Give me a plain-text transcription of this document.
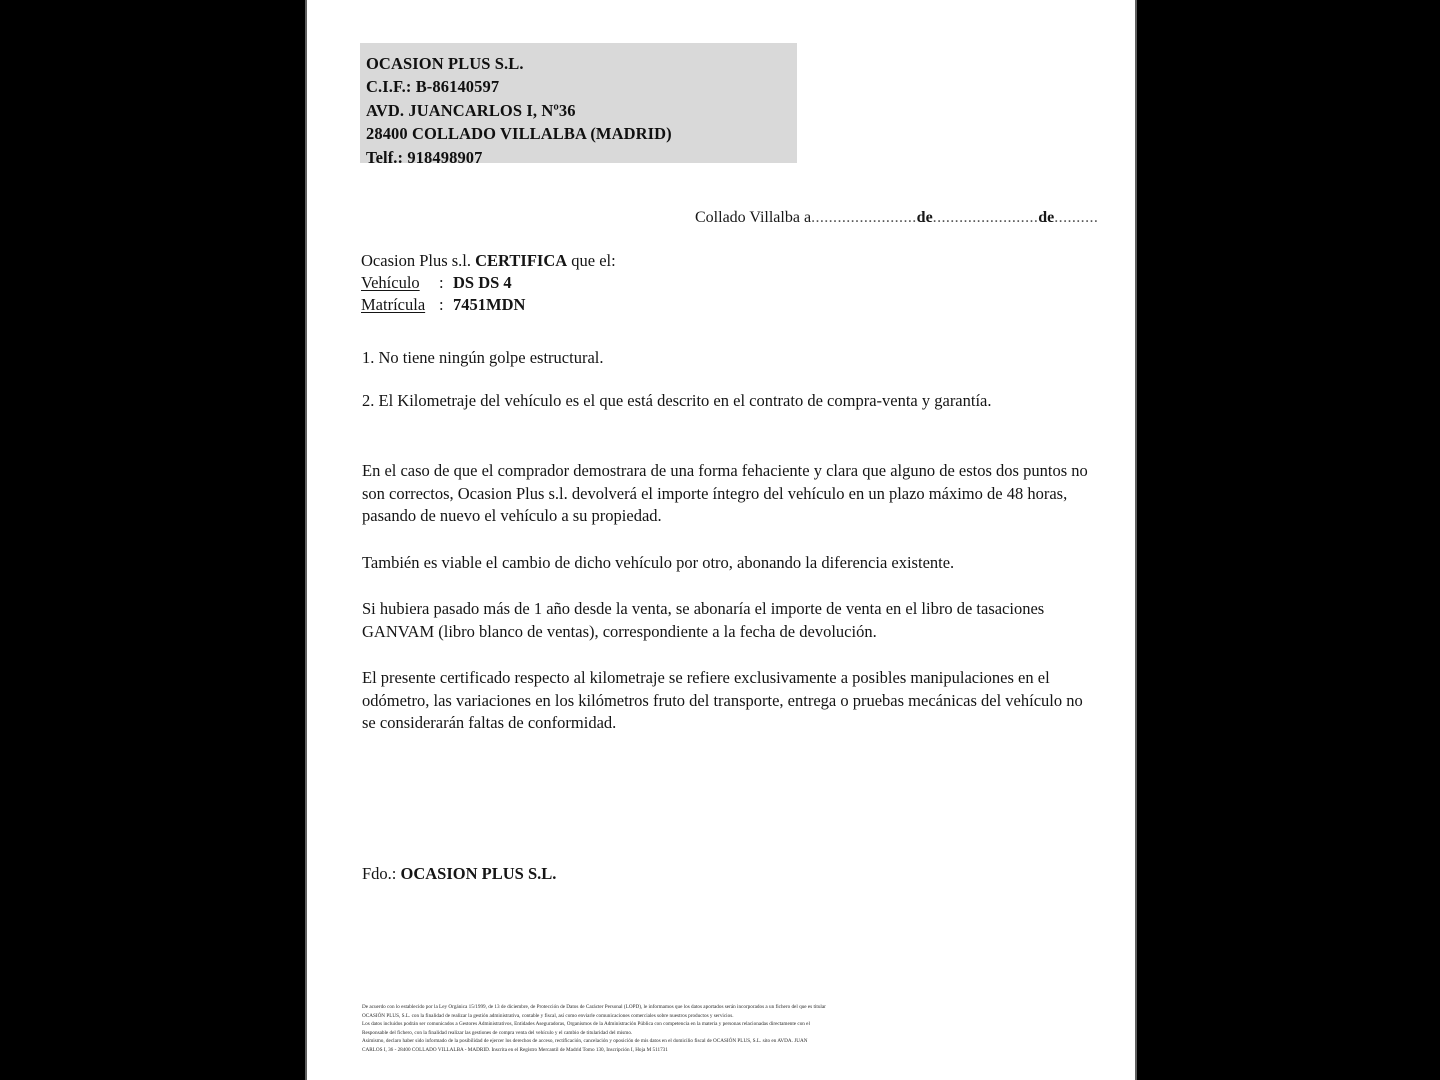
OCASION PLUS S.L.
C.I.F.: B-86140597
AVD. JUANCARLOS I, Nº36
28400 COLLADO VILLALBA (MADRID)
Telf.: 918498907
Collado Villalba a........................de........................de..........
Ocasion Plus s.l. CERTIFICA que el:
Vehículo	: DS DS 4
Matrícula : 7451MDN
1. No tiene ningún golpe estructural.
2. El Kilometraje del vehículo es el que está descrito en el contrato de compra-venta y garantía.

En el caso de que el comprador demostrara de una forma fehaciente y clara que alguno de estos dos puntos no son correctos, Ocasion Plus s.l. devolverá el importe íntegro del vehículo en un plazo máximo de 48 horas, pasando de nuevo el vehículo a su propiedad.

También es viable el cambio de dicho vehículo por otro, abonando la diferencia existente.

Si hubiera pasado más de 1 año desde la venta, se abonaría el importe de venta en el libro de tasaciones GANVAM (libro blanco de ventas), correspondiente a la fecha de devolución.

El presente certificado respecto al kilometraje se refiere exclusivamente a posibles manipulaciones en el odómetro, las variaciones en los kilómetros fruto del transporte, entrega o pruebas mecánicas del vehículo no se considerarán faltas de conformidad.

Fdo.: OCASION PLUS S.L.
De acuerdo con lo establecido por la Ley Orgánica 15/1999, de 13 de diciembre, de Protección de Datos de Carácter Personal (LOPD), le informamos que los datos aportados serán incorporados a un fichero del que es titular
OCASIÓN PLUS, S.L. con la finalidad de realizar la gestión administrativa, contable y fiscal, así como enviarle comunicaciones comerciales sobre nuestros productos y servicios.
Los datos incluidos podrán ser comunicados a Gestores Administrativos, Entidades Aseguradoras, Organismos de la Administración Pública con competencia en la materia y personas relacionadas directamente con el
Responsable del fichero, con la finalidad realizar las gestiones de compra venta del vehículo y el cambio de titularidad del mismo.
Asimismo, declaro haber sido informado de la posibilidad de ejercer los derechos de acceso, rectificación, cancelación y oposición de mis datos en el domicilio fiscal de OCASIÓN PLUS, S.L. sito en AVDA. JUAN
CARLOS I, 36 - 28400 COLLADO VILLALBA - MADRID. Inscrita en el Registro Mercantil de Madrid Tomo 130, Inscripción I, Hoja M 511731
